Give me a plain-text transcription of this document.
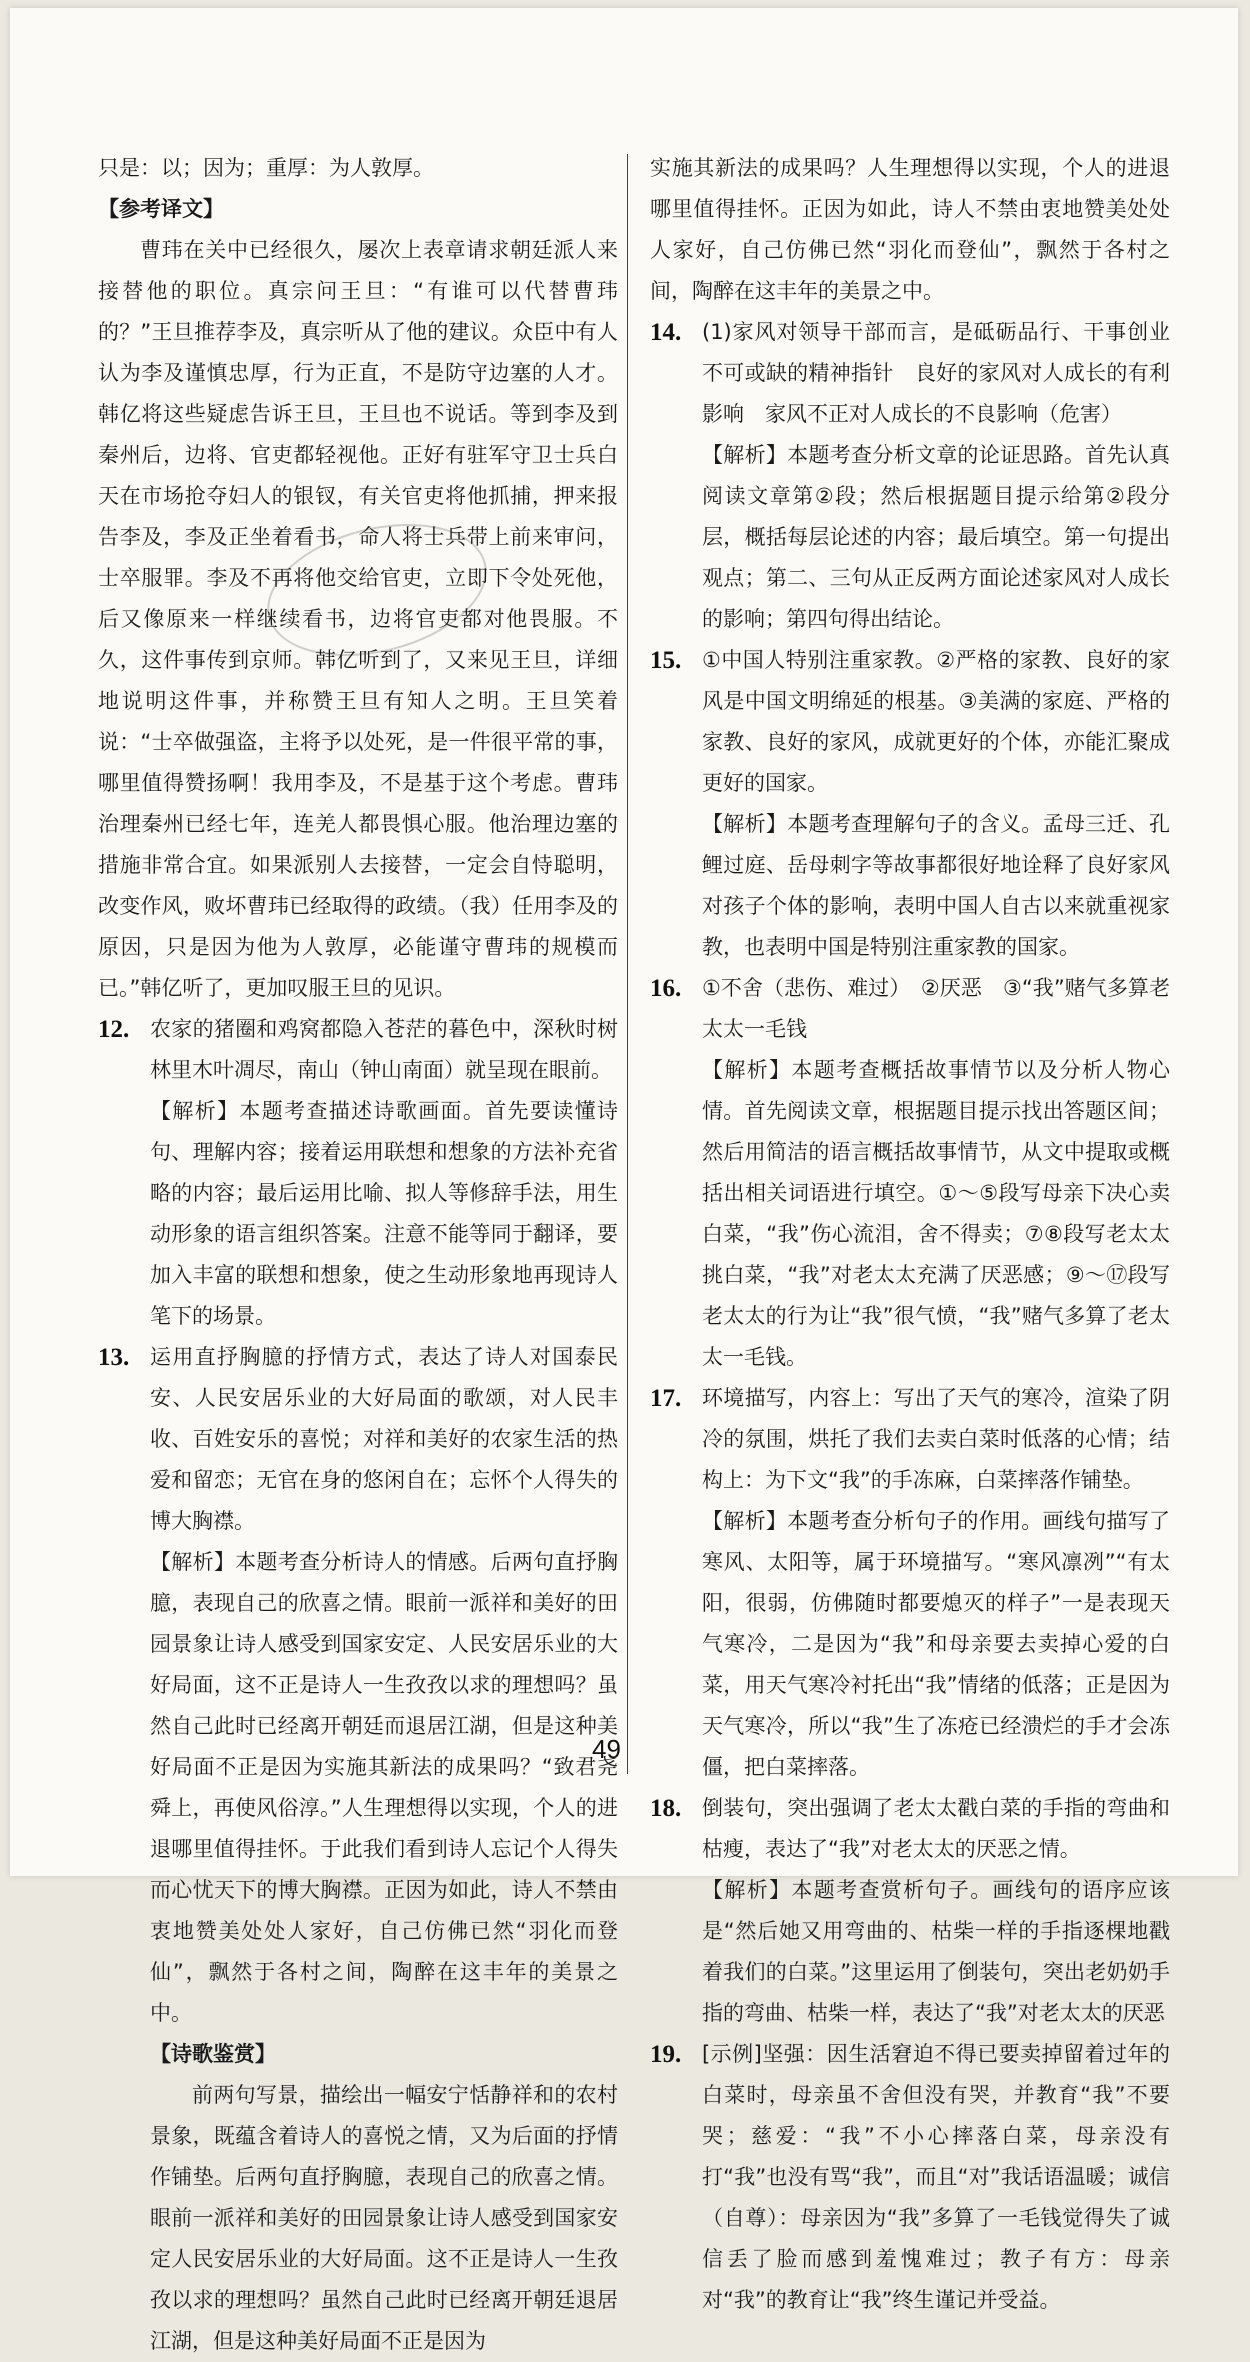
只是：以；因为；重厚：为人敦厚。

【参考译文】

曹玮在关中已经很久，屡次上表章请求朝廷派人来接替他的职位。真宗问王旦：“有谁可以代替曹玮的？”王旦推荐李及，真宗听从了他的建议。众臣中有人认为李及谨慎忠厚，行为正直，不是防守边塞的人才。韩亿将这些疑虑告诉王旦，王旦也不说话。等到李及到秦州后，边将、官吏都轻视他。正好有驻军守卫士兵白天在市场抢夺妇人的银钗，有关官吏将他抓捕，押来报告李及，李及正坐着看书，命人将士兵带上前来审问，士卒服罪。李及不再将他交给官吏，立即下令处死他，后又像原来一样继续看书，边将官吏都对他畏服。不久，这件事传到京师。韩亿听到了，又来见王旦，详细地说明这件事，并称赞王旦有知人之明。王旦笑着说：“士卒做强盗，主将予以处死，是一件很平常的事，哪里值得赞扬啊！我用李及，不是基于这个考虑。曹玮治理秦州已经七年，连羌人都畏惧心服。他治理边塞的措施非常合宜。如果派别人去接替，一定会自恃聪明，改变作风，败坏曹玮已经取得的政绩。（我）任用李及的原因，只是因为他为人敦厚，必能谨守曹玮的规模而已。”韩亿听了，更加叹服王旦的见识。

12. 农家的猪圈和鸡窝都隐入苍茫的暮色中，深秋时树林里木叶凋尽，南山（钟山南面）就呈现在眼前。

【解析】本题考查描述诗歌画面。首先要读懂诗句、理解内容；接着运用联想和想象的方法补充省略的内容；最后运用比喻、拟人等修辞手法，用生动形象的语言组织答案。注意不能等同于翻译，要加入丰富的联想和想象，使之生动形象地再现诗人笔下的场景。

13. 运用直抒胸臆的抒情方式，表达了诗人对国泰民安、人民安居乐业的大好局面的歌颂，对人民丰收、百姓安乐的喜悦；对祥和美好的农家生活的热爱和留恋；无官在身的悠闲自在；忘怀个人得失的博大胸襟。

【解析】本题考查分析诗人的情感。后两句直抒胸臆，表现自己的欣喜之情。眼前一派祥和美好的田园景象让诗人感受到国家安定、人民安居乐业的大好局面，这不正是诗人一生孜孜以求的理想吗？虽然自己此时已经离开朝廷而退居江湖，但是这种美好局面不正是因为实施其新法的成果吗？“致君尧舜上，再使风俗淳。”人生理想得以实现，个人的进退哪里值得挂怀。于此我们看到诗人忘记个人得失而心忧天下的博大胸襟。正因为如此，诗人不禁由衷地赞美处处人家好，自己仿佛已然“羽化而登仙”，飘然于各村之间，陶醉在这丰年的美景之中。

【诗歌鉴赏】

前两句写景，描绘出一幅安宁恬静祥和的农村景象，既蕴含着诗人的喜悦之情，又为后面的抒情作铺垫。后两句直抒胸臆，表现自己的欣喜之情。眼前一派祥和美好的田园景象让诗人感受到国家安定人民安居乐业的大好局面。这不正是诗人一生孜孜以求的理想吗？虽然自己此时已经离开朝廷退居江湖，但是这种美好局面不正是因为

实施其新法的成果吗？人生理想得以实现，个人的进退哪里值得挂怀。正因为如此，诗人不禁由衷地赞美处处人家好，自己仿佛已然“羽化而登仙”，飘然于各村之间，陶醉在这丰年的美景之中。

14. (1)家风对领导干部而言，是砥砺品行、干事创业不可或缺的精神指针　良好的家风对人成长的有利影响　家风不正对人成长的不良影响（危害）

【解析】本题考查分析文章的论证思路。首先认真阅读文章第②段；然后根据题目提示给第②段分层，概括每层论述的内容；最后填空。第一句提出观点；第二、三句从正反两方面论述家风对人成长的影响；第四句得出结论。

15. ①中国人特别注重家教。②严格的家教、良好的家风是中国文明绵延的根基。③美满的家庭、严格的家教、良好的家风，成就更好的个体，亦能汇聚成更好的国家。

【解析】本题考查理解句子的含义。孟母三迁、孔鲤过庭、岳母刺字等故事都很好地诠释了良好家风对孩子个体的影响，表明中国人自古以来就重视家教，也表明中国是特别注重家教的国家。

16. ①不舍（悲伤、难过）　②厌恶　③“我”赌气多算老太太一毛钱

【解析】本题考查概括故事情节以及分析人物心情。首先阅读文章，根据题目提示找出答题区间；然后用简洁的语言概括故事情节，从文中提取或概括出相关词语进行填空。①～⑤段写母亲下决心卖白菜，“我”伤心流泪，舍不得卖；⑦⑧段写老太太挑白菜，“我”对老太太充满了厌恶感；⑨～⑰段写老太太的行为让“我”很气愤，“我”赌气多算了老太太一毛钱。

17. 环境描写，内容上：写出了天气的寒冷，渲染了阴冷的氛围，烘托了我们去卖白菜时低落的心情；结构上：为下文“我”的手冻麻，白菜摔落作铺垫。

【解析】本题考查分析句子的作用。画线句描写了寒风、太阳等，属于环境描写。“寒风凛冽”“有太阳，很弱，仿佛随时都要熄灭的样子”一是表现天气寒冷，二是因为“我”和母亲要去卖掉心爱的白菜，用天气寒冷衬托出“我”情绪的低落；正是因为天气寒冷，所以“我”生了冻疮已经溃烂的手才会冻僵，把白菜摔落。

18. 倒装句，突出强调了老太太戳白菜的手指的弯曲和枯瘦，表达了“我”对老太太的厌恶之情。

【解析】本题考查赏析句子。画线句的语序应该是“然后她又用弯曲的、枯柴一样的手指逐棵地戳着我们的白菜。”这里运用了倒装句，突出老奶奶手指的弯曲、枯柴一样，表达了“我”对老太太的厌恶

19. [示例]坚强：因生活窘迫不得已要卖掉留着过年的白菜时，母亲虽不舍但没有哭，并教育“我”不要哭；慈爱：“我”不小心摔落白菜，母亲没有打“我”也没有骂“我”，而且“对”我话语温暖；诚信（自尊）：母亲因为“我”多算了一毛钱觉得失了诚信丢了脸而感到羞愧难过；教子有方：母亲对“我”的教育让“我”终生谨记并受益。
49
